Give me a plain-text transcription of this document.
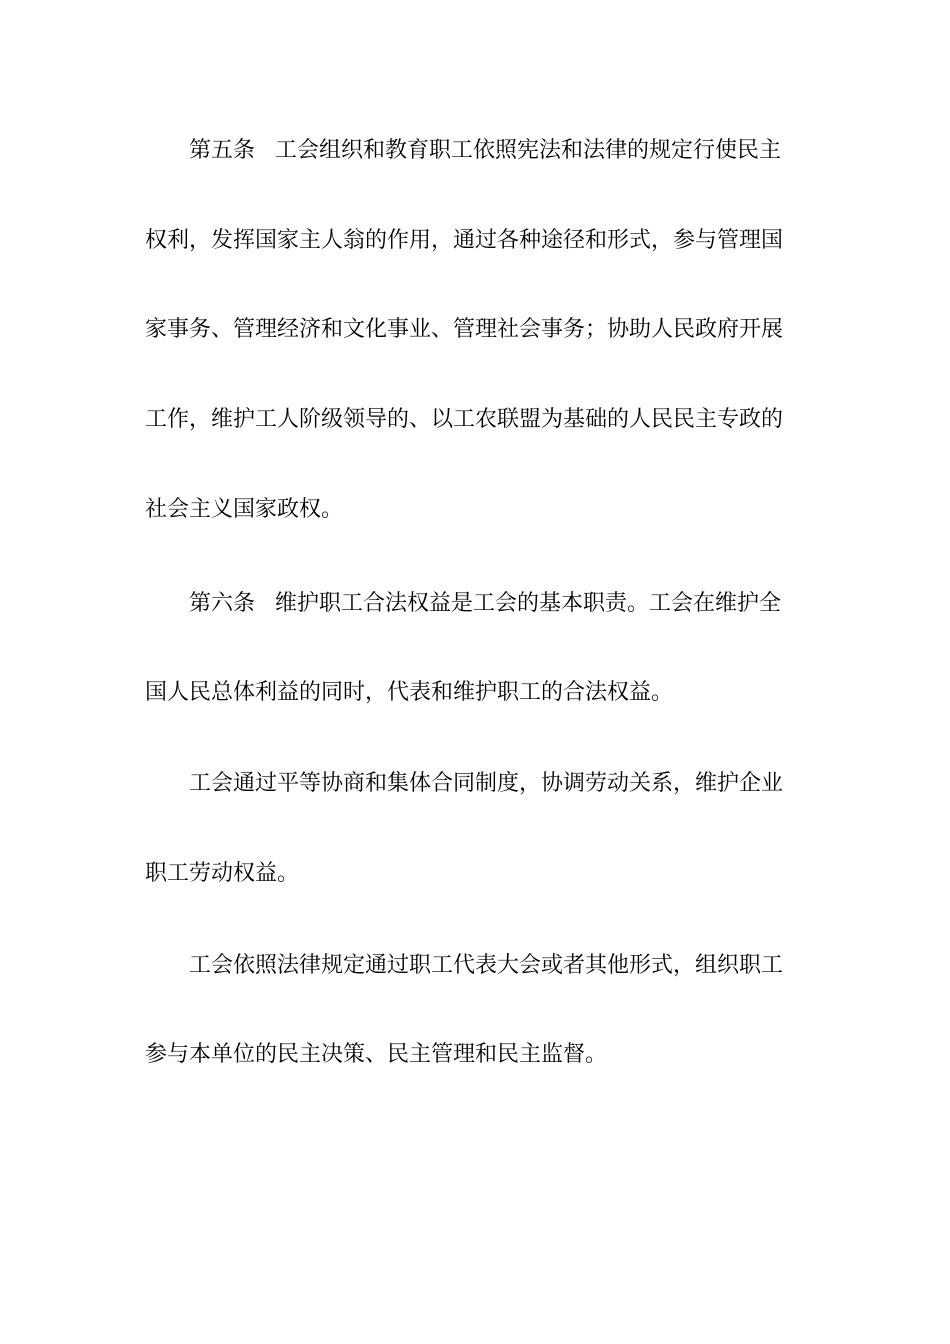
第五条 工会组织和教育职工依照宪法和法律的规定行使民主
权利，发挥国家主人翁的作用，通过各种途径和形式，参与管理国
家事务、管理经济和文化事业、管理社会事务；协助人民政府开展
工作，维护工人阶级领导的、以工农联盟为基础的人民民主专政的
社会主义国家政权。
第六条 维护职工合法权益是工会的基本职责。工会在维护全
国人民总体利益的同时，代表和维护职工的合法权益。
工会通过平等协商和集体合同制度，协调劳动关系，维护企业
职工劳动权益。
工会依照法律规定通过职工代表大会或者其他形式，组织职工
参与本单位的民主决策、民主管理和民主监督。
